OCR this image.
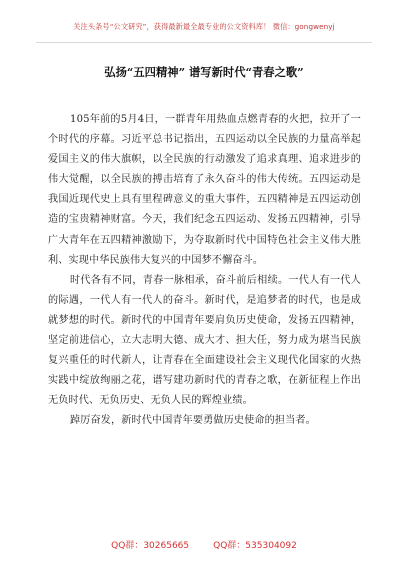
关注头条号“公文研究”，获得最新最全最专业的公文资料库！ 微信：gongwenyj
弘扬“五四精神” 谱写新时代“青春之歌”

105年前的5月4日，一群青年用热血点燃青春的火把，拉开了一个时代的序幕。习近平总书记指出，五四运动以全民族的力量高举起爱国主义的伟大旗帜，以全民族的行动激发了追求真理、追求进步的伟大觉醒，以全民族的搏击培育了永久奋斗的伟大传统。五四运动是我国近现代史上具有里程碑意义的重大事件，五四精神是五四运动创造的宝贵精神财富。今天，我们纪念五四运动、发扬五四精神，引导广大青年在五四精神激励下，为夺取新时代中国特色社会主义伟大胜利、实现中华民族伟大复兴的中国梦不懈奋斗。

时代各有不同，青春一脉相承，奋斗前后相续。一代人有一代人的际遇，一代人有一代人的奋斗。新时代，是追梦者的时代，也是成就梦想的时代。新时代的中国青年要肩负历史使命，发扬五四精神，坚定前进信心，立大志明大德、成大才、担大任，努力成为堪当民族复兴重任的时代新人，让青春在全面建设社会主义现代化国家的火热实践中绽放绚丽之花，谱写建功新时代的青春之歌，在新征程上作出无负时代、无负历史、无负人民的辉煌业绩。

踔厉奋发，新时代中国青年要勇做历史使命的担当者。

QQ群：30265665	QQ群：535304092
